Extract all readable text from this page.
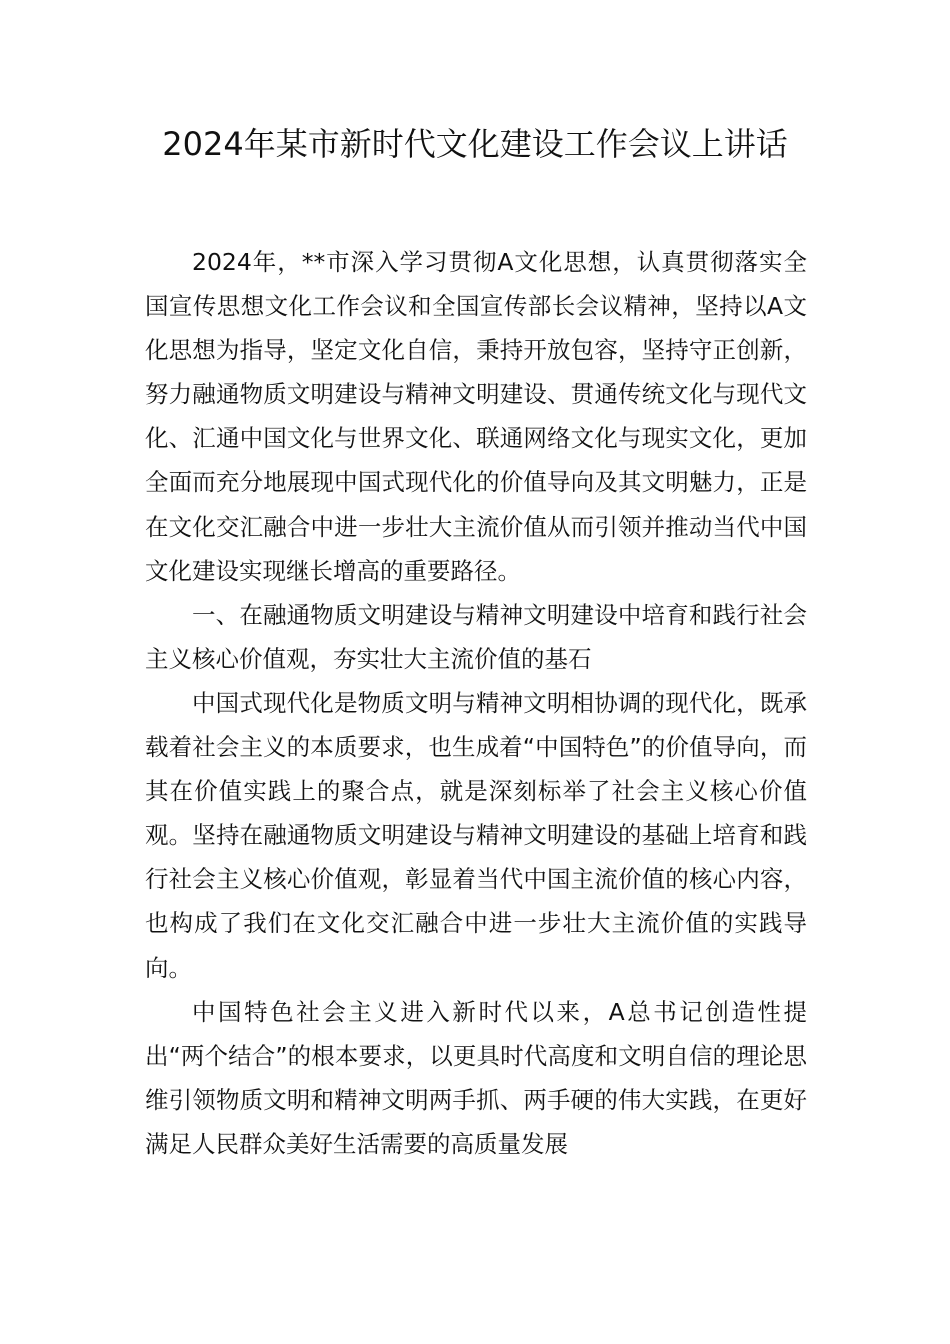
2024年某市新时代文化建设工作会议上讲话

2024年，**市深入学习贯彻A文化思想，认真贯彻落实全国宣传思想文化工作会议和全国宣传部长会议精神，坚持以A文化思想为指导，坚定文化自信，秉持开放包容，坚持守正创新，努力融通物质文明建设与精神文明建设、贯通传统文化与现代文化、汇通中国文化与世界文化、联通网络文化与现实文化，更加全面而充分地展现中国式现代化的价值导向及其文明魅力，正是在文化交汇融合中进一步壮大主流价值从而引领并推动当代中国文化建设实现继长增高的重要路径。

一、在融通物质文明建设与精神文明建设中培育和践行社会主义核心价值观，夯实壮大主流价值的基石

中国式现代化是物质文明与精神文明相协调的现代化，既承载着社会主义的本质要求，也生成着“中国特色”的价值导向，而其在价值实践上的聚合点，就是深刻标举了社会主义核心价值观。坚持在融通物质文明建设与精神文明建设的基础上培育和践行社会主义核心价值观，彰显着当代中国主流价值的核心内容，也构成了我们在文化交汇融合中进一步壮大主流价值的实践导向。

中国特色社会主义进入新时代以来，A总书记创造性提出“两个结合”的根本要求，以更具时代高度和文明自信的理论思维引领物质文明和精神文明两手抓、两手硬的伟大实践，在更好满足人民群众美好生活需要的高质量发展
